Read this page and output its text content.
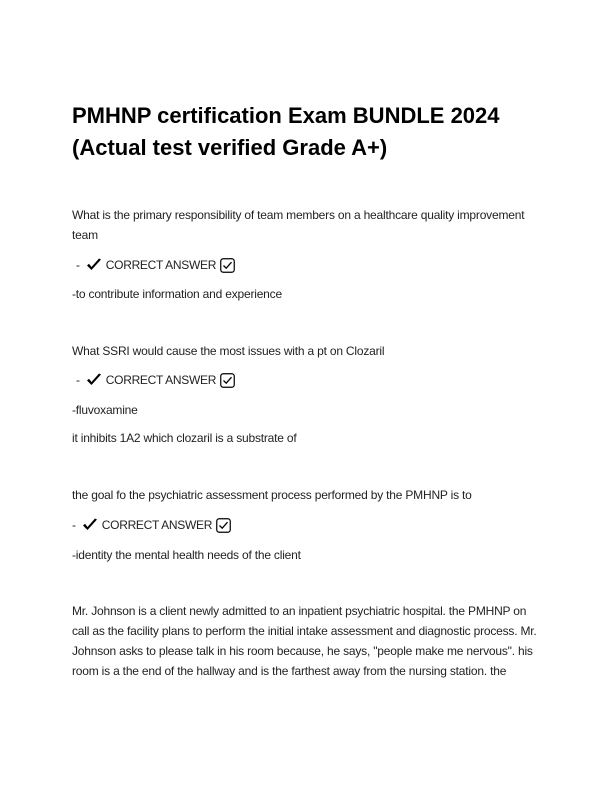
PMHNP certification Exam BUNDLE 2024 (Actual test verified Grade A+)

What is the primary responsibility of team members on a healthcare quality improvement team

- CORRECT ANSWER

-to contribute information and experience

What SSRI would cause the most issues with a pt on Clozaril

- CORRECT ANSWER

-fluvoxamine

it inhibits 1A2 which clozaril is a substrate of

the goal fo the psychiatric assessment process performed by the PMHNP is to

- CORRECT ANSWER

-identity the mental health needs of the client

Mr. Johnson is a client newly admitted to an inpatient psychiatric hospital. the PMHNP on call as the facility plans to perform the initial intake assessment and diagnostic process. Mr. Johnson asks to please talk in his room because, he says, "people make me nervous". his room is a the end of the hallway and is the farthest away from the nursing station. the
